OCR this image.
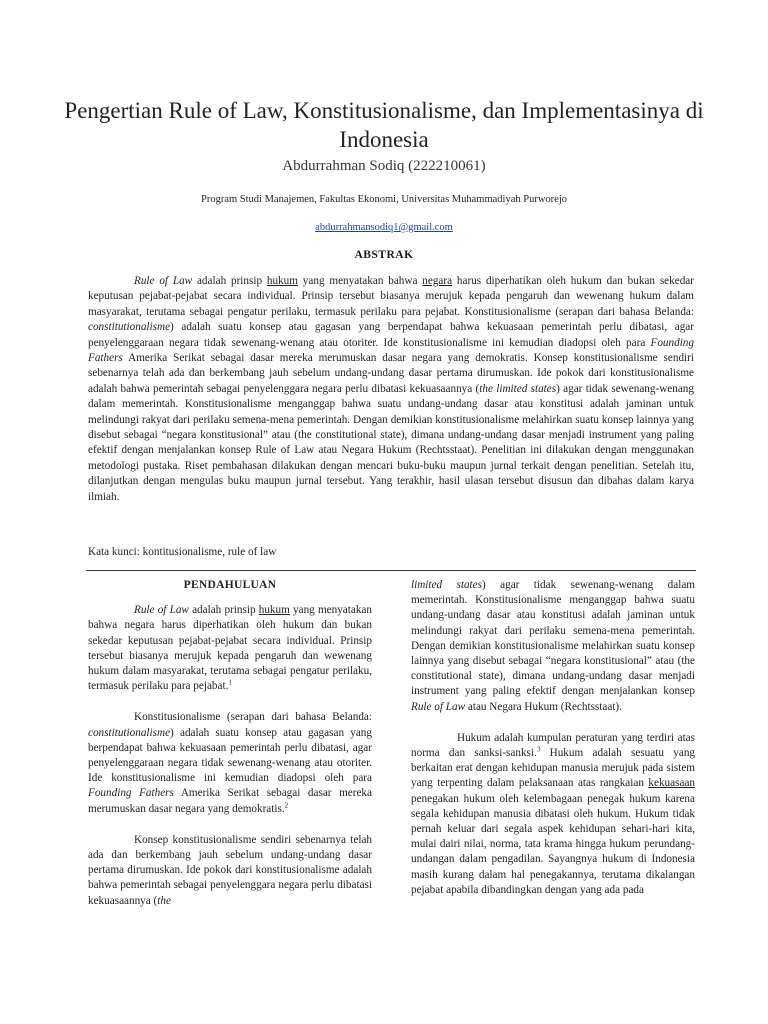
Pengertian Rule of Law, Konstitusionalisme, dan Implementasinya di Indonesia
Abdurrahman Sodiq (222210061)
Program Studi Manajemen, Fakultas Ekonomi, Universitas Muhammadiyah Purworejo
abdurrahmansodiq1@gmail.com
ABSTRAK

Rule of Law adalah prinsip hukum yang menyatakan bahwa negara harus diperhatikan oleh hukum dan bukan sekedar keputusan pejabat-pejabat secara individual. Prinsip tersebut biasanya merujuk kepada pengaruh dan wewenang hukum dalam masyarakat, terutama sebagai pengatur perilaku, termasuk perilaku para pejabat. Konstitusionalisme (serapan dari bahasa Belanda: constitutionalisme) adalah suatu konsep atau gagasan yang berpendapat bahwa kekuasaan pemerintah perlu dibatasi, agar penyelenggaraan negara tidak sewenang-wenang atau otoriter. Ide konstitusionalisme ini kemudian diadopsi oleh para Founding Fathers Amerika Serikat sebagai dasar mereka merumuskan dasar negara yang demokratis. Konsep konstitusionalisme sendiri sebenarnya telah ada dan berkembang jauh sebelum undang-undang dasar pertama dirumuskan. Ide pokok dari konstitusionalisme adalah bahwa pemerintah sebagai penyelenggara negara perlu dibatasi kekuasaannya (the limited states) agar tidak sewenang-wenang dalam memerintah. Konstitusionalisme menganggap bahwa suatu undang-undang dasar atau konstitusi adalah jaminan untuk melindungi rakyat dari perilaku semena-mena pemerintah. Dengan demikian konstitusionalisme melahirkan suatu konsep lainnya yang disebut sebagai “negara konstitusional” atau (the constitutional state), dimana undang-undang dasar menjadi instrument yang paling efektif dengan menjalankan konsep Rule of Law atau Negara Hukum (Rechtsstaat). Penelitian ini dilakukan dengan menggunakan metodologi pustaka. Riset pembahasan dilakukan dengan mencari buku-buku maupun jurnal terkait dengan penelitian. Setelah itu, dilanjutkan dengan mengulas buku maupun jurnal tersebut. Yang terakhir, hasil ulasan tersebut disusun dan dibahas dalam karya ilmiah.

Kata kunci: kontitusionalisme, rule of law
PENDAHULUAN

Rule of Law adalah prinsip hukum yang menyatakan bahwa negara harus diperhatikan oleh hukum dan bukan sekedar keputusan pejabat-pejabat secara individual. Prinsip tersebut biasanya merujuk kepada pengaruh dan wewenang hukum dalam masyarakat, terutama sebagai pengatur perilaku, termasuk perilaku para pejabat.$^1$

Konstitusionalisme (serapan dari bahasa Belanda: constitutionalisme) adalah suatu konsep atau gagasan yang berpendapat bahwa kekuasaan pemerintah perlu dibatasi, agar penyelenggaraan negara tidak sewenang-wenang atau otoriter. Ide konstitusionalisme ini kemudian diadopsi oleh para Founding Fathers Amerika Serikat sebagai dasar mereka merumuskan dasar negara yang demokratis.$^2$

Konsep konstitusionalisme sendiri sebenarnya telah ada dan berkembang jauh sebelum undang-undang dasar pertama dirumuskan. Ide pokok dari konstitusionalisme adalah bahwa pemerintah sebagai penyelenggara negara perlu dibatasi kekuasaannya (the

limited states) agar tidak sewenang-wenang dalam memerintah. Konstitusionalisme menganggap bahwa suatu undang-undang dasar atau konstitusi adalah jaminan untuk melindungi rakyat dari perilaku semena-mena pemerintah. Dengan demikian konstitusionalisme melahirkan suatu konsep lainnya yang disebut sebagai “negara konstitusional” atau (the constitutional state), dimana undang-undang dasar menjadi instrument yang paling efektif dengan menjalankan konsep Rule of Law atau Negara Hukum (Rechtsstaat).

Hukum adalah kumpulan peraturan yang terdiri atas norma dan sanksi-sanksi.$^3$ Hukum adalah sesuatu yang berkaitan erat dengan kehidupan manusia merujuk pada sistem yang terpenting dalam pelaksanaan atas rangkaian kekuasaan penegakan hukum oleh kelembagaan penegak hukum karena segala kehidupan manusia dibatasi oleh hukum. Hukum tidak pernah keluar dari segala aspek kehidupan sehari-hari kita, mulai dairi nilai, norma, tata krama hingga hukum perundang-undangan dalam pengadilan. Sayangnya hukum di Indonesia masih kurang dalam hal penegakannya, terutama dikalangan pejabat apabila dibandingkan dengan yang ada pada
